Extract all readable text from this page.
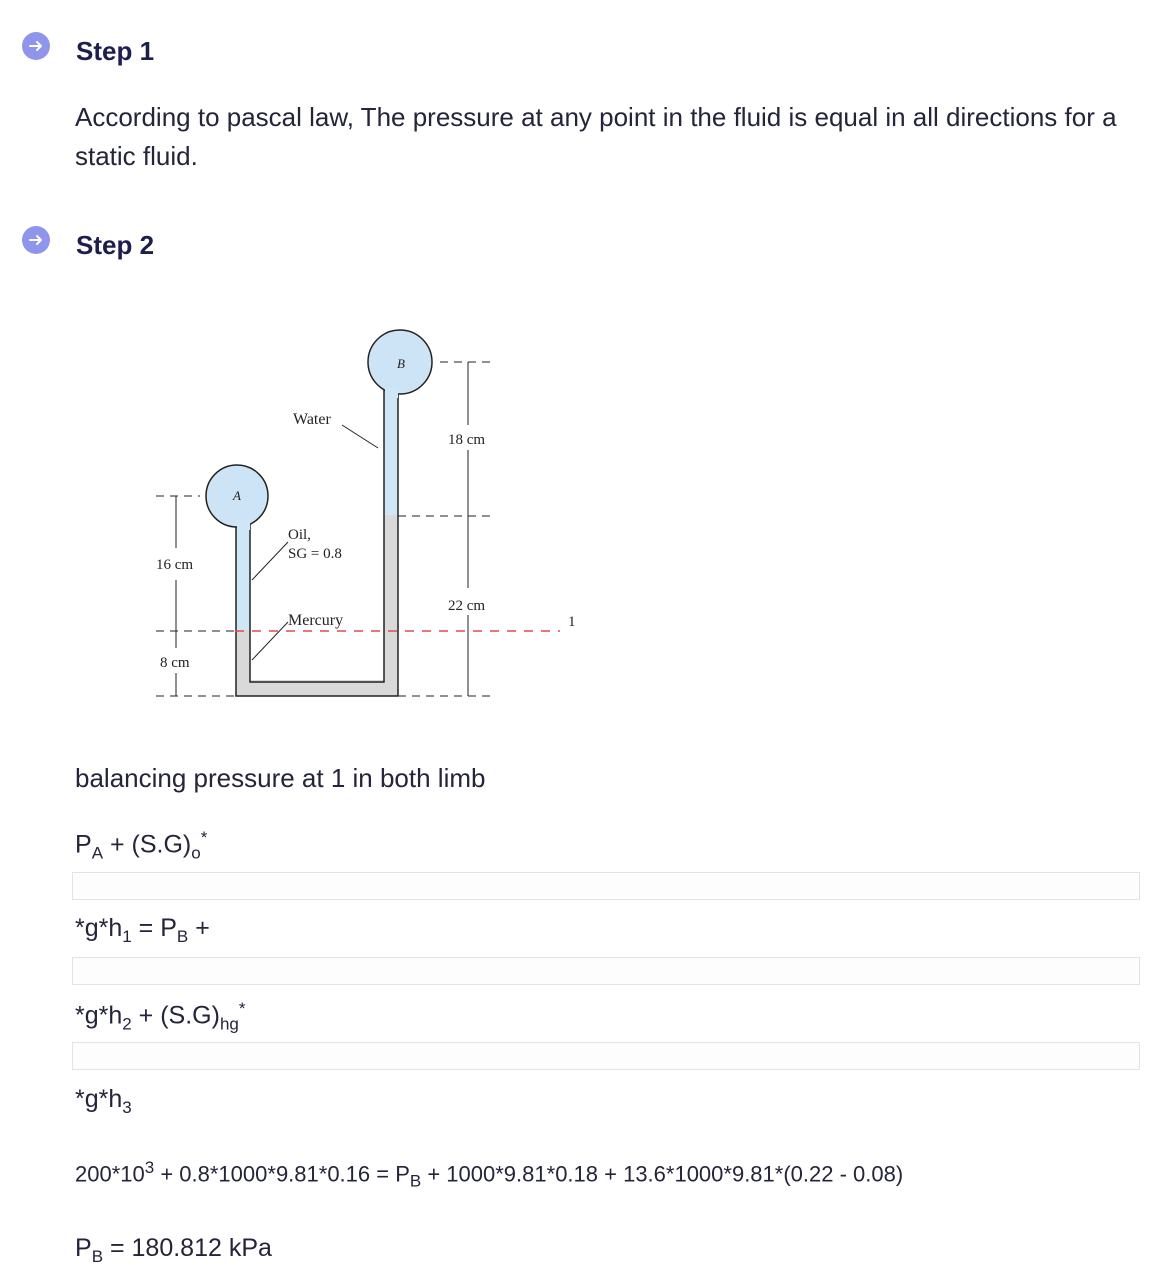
Step 1
According to pascal law, The pressure at any point in the fluid is equal in all directions for a static fluid.
Step 2
A
B
Water
Oil,
SG = 0.8
Mercury	1
16 cm
8 cm
18 cm
22 cm
balancing pressure at 1 in both limb
$P_A + (S.G)_o^*$
$*g*h_1 = P_B$ +
$*g*h_2 + (S.G)_{hg}^*$
$*g*h_3$
$200*10^3 + 0.8*1000*9.81*0.16 = P_B + 1000*9.81*0.18 + 13.6*1000*9.81*(0.22 - 0.08)$
$P_B = 180.812$ kPa
